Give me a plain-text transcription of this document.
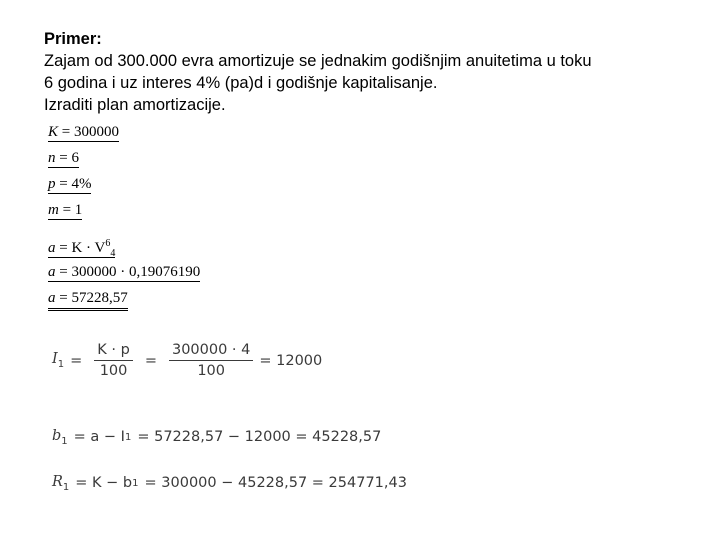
Primer:
Zajam od 300.000 evra amortizuje se jednakim godišnjim anuitetima u toku
6 godina i uz interes 4% (pa)d i godišnje kapitalisanje.
Izraditi plan amortizacije.
K = 300000
n = 6
p = 4%
m = 1
$a = K \cdot V^6_4$
a = 300000 · 0,19076190
a = 57228,57
$I_1 = \frac{K \cdot p}{100} = \frac{300000 \cdot 4}{100} = 12000$
$b_1 = a - I$ 1 = 57228,57 − 12000 = 45228,57
$R_1 = K - b$ 1 = 300000 − 45228,57 = 254771,43
